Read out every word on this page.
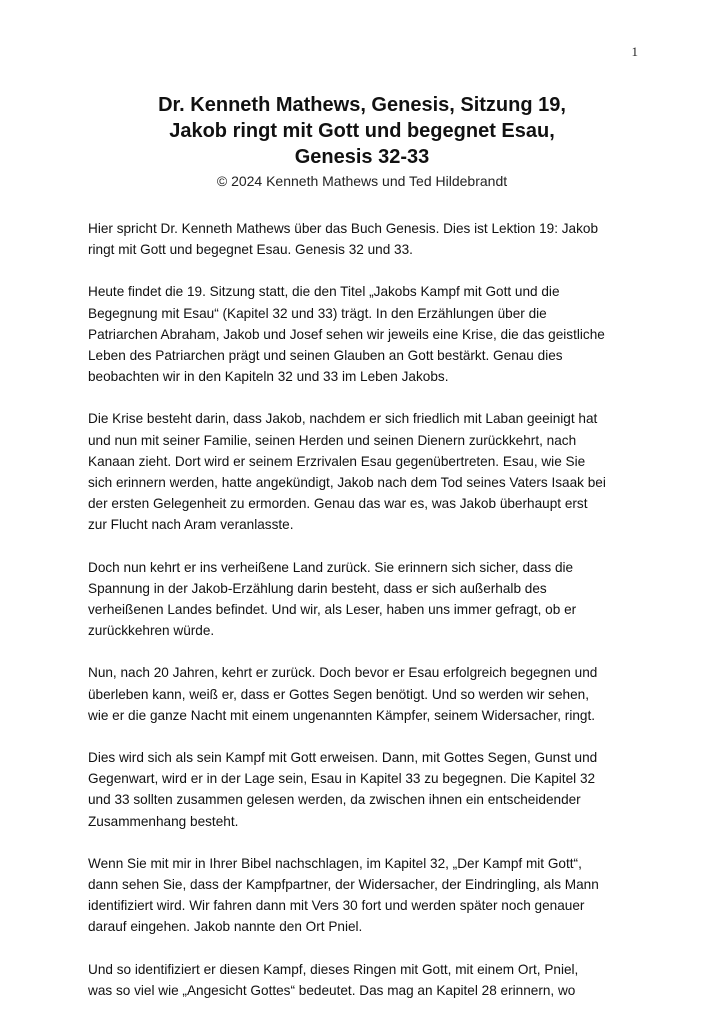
1
Dr. Kenneth Mathews, Genesis, Sitzung 19,
Jakob ringt mit Gott und begegnet Esau,
Genesis 32-33
© 2024 Kenneth Mathews und Ted Hildebrandt

Hier spricht Dr. Kenneth Mathews über das Buch Genesis. Dies ist Lektion 19: Jakob
ringt mit Gott und begegnet Esau. Genesis 32 und 33.

Heute findet die 19. Sitzung statt, die den Titel „Jakobs Kampf mit Gott und die
Begegnung mit Esau“ (Kapitel 32 und 33) trägt. In den Erzählungen über die
Patriarchen Abraham, Jakob und Josef sehen wir jeweils eine Krise, die das geistliche
Leben des Patriarchen prägt und seinen Glauben an Gott bestärkt. Genau dies
beobachten wir in den Kapiteln 32 und 33 im Leben Jakobs.

Die Krise besteht darin, dass Jakob, nachdem er sich friedlich mit Laban geeinigt hat
und nun mit seiner Familie, seinen Herden und seinen Dienern zurückkehrt, nach
Kanaan zieht. Dort wird er seinem Erzrivalen Esau gegenübertreten. Esau, wie Sie
sich erinnern werden, hatte angekündigt, Jakob nach dem Tod seines Vaters Isaak bei
der ersten Gelegenheit zu ermorden. Genau das war es, was Jakob überhaupt erst
zur Flucht nach Aram veranlasste.

Doch nun kehrt er ins verheißene Land zurück. Sie erinnern sich sicher, dass die
Spannung in der Jakob-Erzählung darin besteht, dass er sich außerhalb des
verheißenen Landes befindet. Und wir, als Leser, haben uns immer gefragt, ob er
zurückkehren würde.

Nun, nach 20 Jahren, kehrt er zurück. Doch bevor er Esau erfolgreich begegnen und
überleben kann, weiß er, dass er Gottes Segen benötigt. Und so werden wir sehen,
wie er die ganze Nacht mit einem ungenannten Kämpfer, seinem Widersacher, ringt.

Dies wird sich als sein Kampf mit Gott erweisen. Dann, mit Gottes Segen, Gunst und
Gegenwart, wird er in der Lage sein, Esau in Kapitel 33 zu begegnen. Die Kapitel 32
und 33 sollten zusammen gelesen werden, da zwischen ihnen ein entscheidender
Zusammenhang besteht.

Wenn Sie mit mir in Ihrer Bibel nachschlagen, im Kapitel 32, „Der Kampf mit Gott“,
dann sehen Sie, dass der Kampfpartner, der Widersacher, der Eindringling, als Mann
identifiziert wird. Wir fahren dann mit Vers 30 fort und werden später noch genauer
darauf eingehen. Jakob nannte den Ort Pniel.

Und so identifiziert er diesen Kampf, dieses Ringen mit Gott, mit einem Ort, Pniel,
was so viel wie „Angesicht Gottes“ bedeutet. Das mag an Kapitel 28 erinnern, wo
